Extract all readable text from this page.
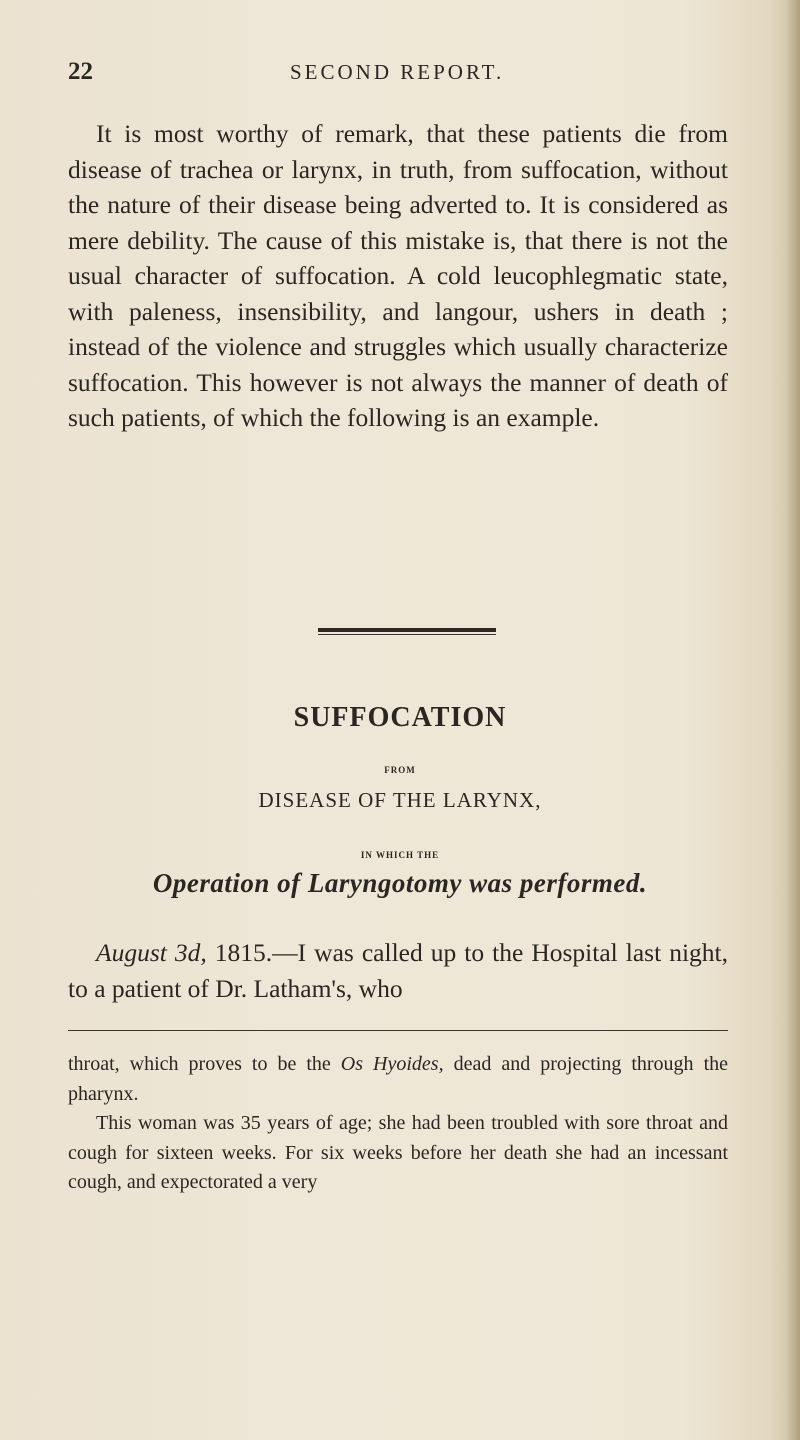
22	SECOND REPORT.

It is most worthy of remark, that these patients die from disease of trachea or larynx, in truth, from suffocation, without the nature of their disease being adverted to. It is considered as mere debility. The cause of this mistake is, that there is not the usual character of suffocation. A cold leucophlegmatic state, with paleness, insensibility, and langour, ushers in death ; instead of the violence and struggles which usually characterize suffocation. This however is not always the manner of death of such patients, of which the following is an example.

SUFFOCATION
FROM
DISEASE OF THE LARYNX,
IN WHICH THE
Operation of Laryngotomy was performed.

August 3d, 1815.—I was called up to the Hospital last night, to a patient of Dr. Latham's, who

throat, which proves to be the Os Hyoides, dead and projecting through the pharynx.

This woman was 35 years of age; she had been troubled with sore throat and cough for sixteen weeks. For six weeks before her death she had an incessant cough, and expectorated a very
